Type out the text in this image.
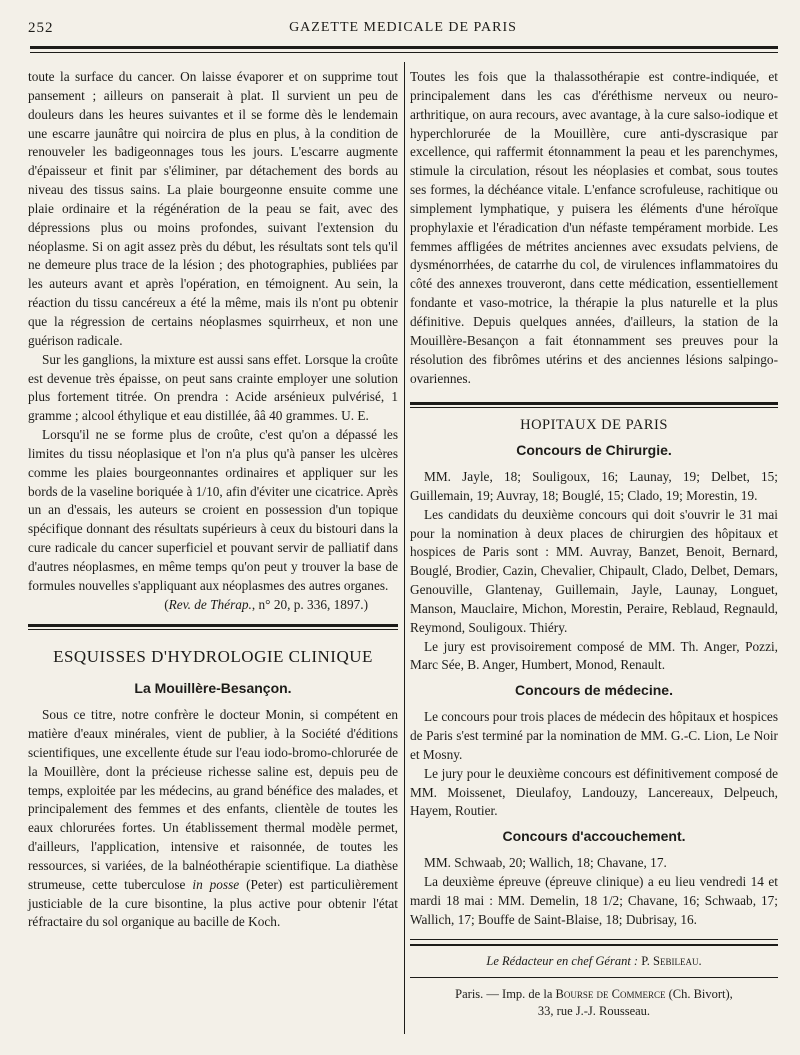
252	GAZETTE MEDICALE DE PARIS

toute la surface du cancer. On laisse évaporer et on supprime tout pansement ; ailleurs on panserait à plat. Il survient un peu de douleurs dans les heures suivantes et il se forme dès le lendemain une escarre jaunâtre qui noircira de plus en plus, à la condition de renouveler les badigeonnages tous les jours. L'escarre augmente d'épaisseur et finit par s'éliminer, par détachement des bords au niveau des tissus sains. La plaie bourgeonne ensuite comme une plaie ordinaire et la régénération de la peau se fait, avec des dépressions plus ou moins profondes, suivant l'extension du néoplasme. Si on agit assez près du début, les résultats sont tels qu'il ne demeure plus trace de la lésion ; des photographies, publiées par les auteurs avant et après l'opération, en témoignent. Au sein, la réaction du tissu cancéreux a été la même, mais ils n'ont pu obtenir que la régression de certains néoplasmes squirrheux, et non une guérison radicale.

Sur les ganglions, la mixture est aussi sans effet. Lorsque la croûte est devenue très épaisse, on peut sans crainte employer une solution plus fortement titrée. On prendra : Acide arsénieux pulvérisé, 1 gramme ; alcool éthylique et eau distillée, ââ 40 grammes. U. E.

Lorsqu'il ne se forme plus de croûte, c'est qu'on a dépassé les limites du tissu néoplasique et l'on n'a plus qu'à panser les ulcères comme les plaies bourgeonnantes ordinaires et appliquer sur les bords de la vaseline boriquée à 1/10, afin d'éviter une cicatrice. Après un an d'essais, les auteurs se croient en possession d'un topique spécifique donnant des résultats supérieurs à ceux du bistouri dans la cure radicale du cancer superficiel et pouvant servir de palliatif dans d'autres néoplasmes, en même temps qu'on peut y trouver la base de formules nouvelles s'appliquant aux néoplasmes des autres organes.

(Rev. de Thérap., n° 20, p. 336, 1897.)

ESQUISSES D'HYDROLOGIE CLINIQUE
La Mouillère-Besançon.

Sous ce titre, notre confrère le docteur Monin, si compétent en matière d'eaux minérales, vient de publier, à la Société d'éditions scientifiques, une excellente étude sur l'eau iodo-bromo-chlorurée de la Mouillère, dont la précieuse richesse saline est, depuis peu de temps, exploitée par les médecins, au grand bénéfice des malades, et principalement des femmes et des enfants, clientèle de toutes les eaux chlorurées fortes. Un établissement thermal modèle permet, d'ailleurs, l'application, intensive et raisonnée, de toutes les ressources, si variées, de la balnéothérapie scientifique. La diathèse strumeuse, cette tuberculose in posse (Peter) est particulièrement justiciable de la cure bisontine, la plus active pour obtenir l'état réfractaire du sol organique au bacille de Koch.

Toutes les fois que la thalassothérapie est contre-indiquée, et principalement dans les cas d'éréthisme nerveux ou neuro-arthritique, on aura recours, avec avantage, à la cure salso-iodique et hyperchlorurée de la Mouillère, cure anti-dyscrasique par excellence, qui raffermit étonnamment la peau et les parenchymes, stimule la circulation, résout les néoplasies et combat, sous toutes ses formes, la déchéance vitale. L'enfance scrofuleuse, rachitique ou simplement lymphatique, y puisera les éléments d'une héroïque prophylaxie et l'éradication d'un néfaste tempérament morbide. Les femmes affligées de métrites anciennes avec exsudats pelviens, de dysménorrhées, de catarrhe du col, de virulences inflammatoires du côté des annexes trouveront, dans cette médication, essentiellement fondante et vaso-motrice, la thérapie la plus naturelle et la plus définitive. Depuis quelques années, d'ailleurs, la station de la Mouillère-Besançon a fait étonnamment ses preuves pour la résolution des fibrômes utérins et des anciennes lésions salpingo-ovariennes.

HOPITAUX DE PARIS
Concours de Chirurgie.

MM. Jayle, 18; Souligoux, 16; Launay, 19; Delbet, 15; Guillemain, 19; Auvray, 18; Bouglé, 15; Clado, 19; Morestin, 19.

Les candidats du deuxième concours qui doit s'ouvrir le 31 mai pour la nomination à deux places de chirurgien des hôpitaux et hospices de Paris sont : MM. Auvray, Banzet, Benoit, Bernard, Bouglé, Brodier, Cazin, Chevalier, Chipault, Clado, Delbet, Demars, Genouville, Glantenay, Guillemain, Jayle, Launay, Longuet, Manson, Mauclaire, Michon, Morestin, Peraire, Reblaud, Regnauld, Reymond, Souligoux. Thiéry.

Le jury est provisoirement composé de MM. Th. Anger, Pozzi, Marc Sée, B. Anger, Humbert, Monod, Renault.

Concours de médecine.

Le concours pour trois places de médecin des hôpitaux et hospices de Paris s'est terminé par la nomination de MM. G.-C. Lion, Le Noir et Mosny.

Le jury pour le deuxième concours est définitivement composé de MM. Moissenet, Dieulafoy, Landouzy, Lancereaux, Delpeuch, Hayem, Routier.

Concours d'accouchement.

MM. Schwaab, 20; Wallich, 18; Chavane, 17.

La deuxième épreuve (épreuve clinique) a eu lieu vendredi 14 et mardi 18 mai : MM. Demelin, 18 1/2; Chavane, 16; Schwaab, 17; Wallich, 17; Bouffe de Saint-Blaise, 18; Dubrisay, 16.

Le Rédacteur en chef Gérant : P. Sebileau.
Paris. — Imp. de la Bourse de Commerce (Ch. Bivort),
33, rue J.-J. Rousseau.
